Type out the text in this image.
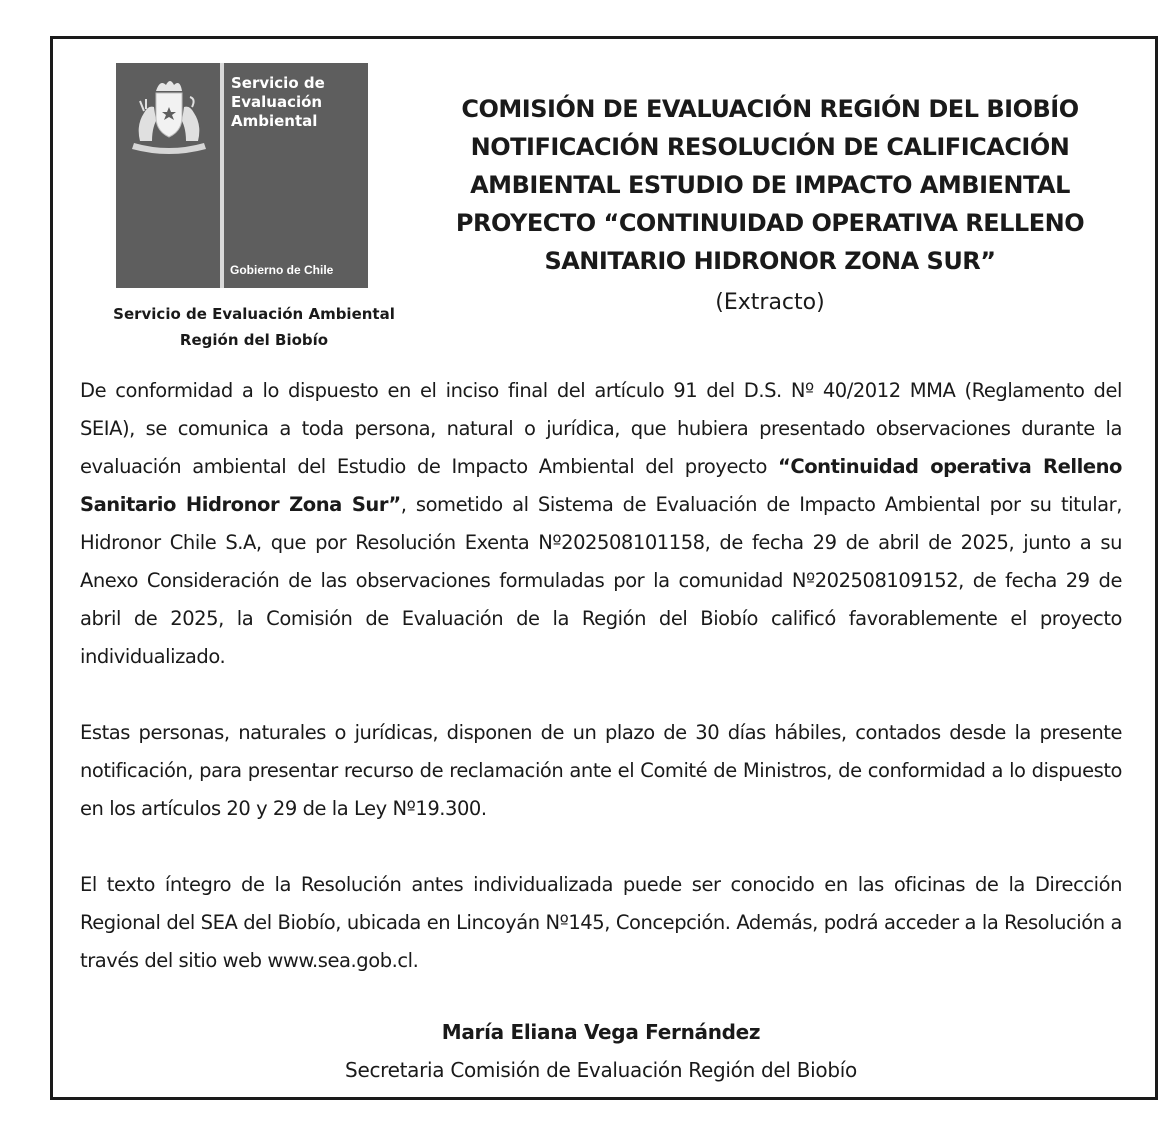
Servicio de
Evaluación
Ambiental
Gobierno de Chile
Servicio de Evaluación Ambiental
Región del Biobío
COMISIÓN DE EVALUACIÓN REGIÓN DEL BIOBÍO
NOTIFICACIÓN RESOLUCIÓN DE CALIFICACIÓN
AMBIENTAL ESTUDIO DE IMPACTO AMBIENTAL
PROYECTO “CONTINUIDAD OPERATIVA RELLENO
SANITARIO HIDRONOR ZONA SUR”
(Extracto)

De conformidad a lo dispuesto en el inciso final del artículo 91 del D.S. Nº 40/2012 MMA (Reglamento del SEIA), se comunica a toda persona, natural o jurídica, que hubiera presentado observaciones durante la evaluación ambiental del Estudio de Impacto Ambiental del proyecto “Continuidad operativa Relleno Sanitario Hidronor Zona Sur”, sometido al Sistema de Evaluación de Impacto Ambiental por su titular, Hidronor Chile S.A, que por Resolución Exenta Nº202508101158, de fecha 29 de abril de 2025, junto a su Anexo Consideración de las observaciones formuladas por la comunidad Nº202508109152, de fecha 29 de abril de 2025, la Comisión de Evaluación de la Región del Biobío calificó favorablemente el proyecto individualizado.

Estas personas, naturales o jurídicas, disponen de un plazo de 30 días hábiles, contados desde la presente notificación, para presentar recurso de reclamación ante el Comité de Ministros, de conformidad a lo dispuesto en los artículos 20 y 29 de la Ley Nº19.300.

El texto íntegro de la Resolución antes individualizada puede ser conocido en las oficinas de la Dirección Regional del SEA del Biobío, ubicada en Lincoyán Nº145, Concepción. Además, podrá acceder a la Resolución a través del sitio web www.sea.gob.cl.

María Eliana Vega Fernández
Secretaria Comisión de Evaluación Región del Biobío
